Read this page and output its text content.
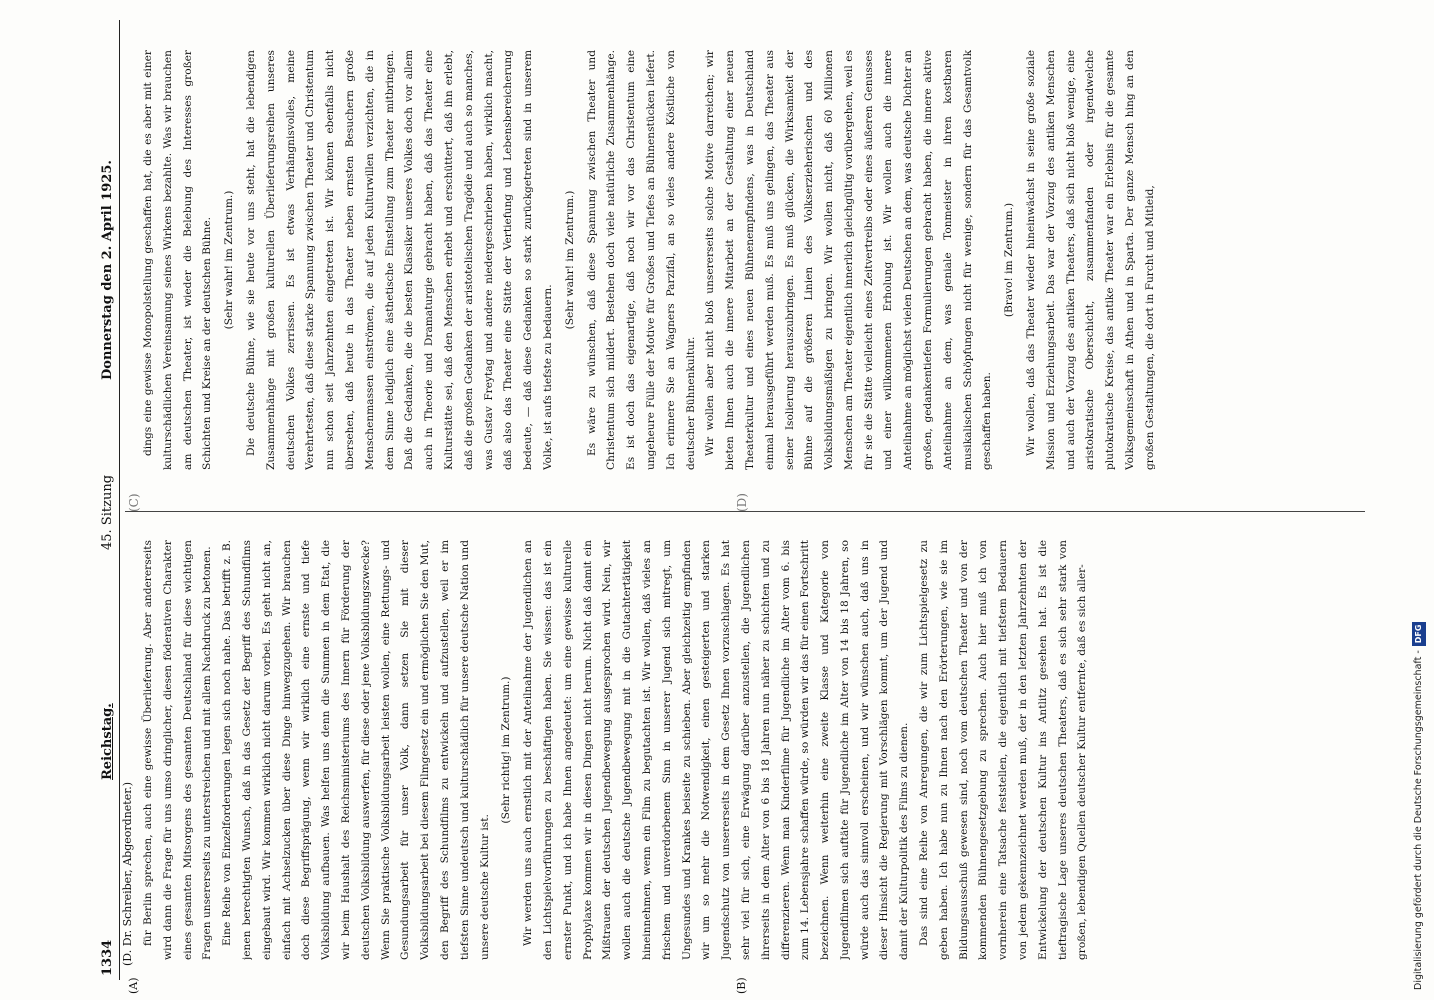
1334
Reichstag.
45. Sitzung
Donnerstag den 2. April 1925.
(D. Dr. Schreiber, Abgeordneter.)
(A)	(B)
(C)	(D)

für Berlin sprechen, auch eine gewisse Überlieferung. Aber andererseits wird dann die Frage für uns umso dringlicher, diesen föderativen Charakter eines gesamten Mitsorgens des gesamten Deutschland für diese wichtigen Fragen unsererseits zu unterstreichen und mit allem Nachdruck zu betonen. Eine Reihe von Einzelforderungen legen sich noch nahe. Das betrifft z. B. jenen berechtigten Wunsch, daß in das Gesetz der Begriff des Schundfilms eingebaut wird. Wir kommen wirklich nicht darum vorbei. Es geht nicht an, einfach mit Achselzucken über diese Dinge hinwegzugehen. Wir brauchen doch diese Begriffsprägung, wenn wir wirklich eine ernste und tiefe Volksbildung aufbauen. Was helfen uns denn die Summen in dem Etat, die wir beim Haushalt des Reichsministeriums des Innern für Förderung der deutschen Volksbildung auswerfen, für diese oder jene Volksbildungszwecke? Wenn Sie praktische Volksbildungsarbeit leisten wollen, eine Rettungs- und Gesundungsarbeit für unser Volk, dann setzen Sie mit dieser Volksbildungsarbeit bei diesem Filmgesetz ein und ermöglichen Sie den Mut, den Begriff des Schundfilms zu entwickeln und aufzustellen, weil er im tiefsten Sinne undeutsch und kulturschädlich für unsere deutsche Nation und unsere deutsche Kultur ist.

(Sehr richtig! im Zentrum.) Wir werden uns auch ernstlich mit der Anteilnahme der Jugendlichen an den Lichtspielvorführungen zu beschäftigen haben. Sie wissen: das ist ein ernster Punkt, und ich habe Ihnen angedeutet: um eine gewisse kulturelle Prophylaxe kommen wir in diesen Dingen nicht herum. Nicht daß damit ein Mißtrauen der deutschen Jugendbewegung ausgesprochen wird. Nein, wir wollen auch die deutsche Jugendbewegung mit in die Gutachtertätigkeit hineinnehmen, wenn ein Film zu begutachten ist. Wir wollen, daß vieles an frischem und unverdorbenem Sinn in unserer Jugend sich mitregt, um Ungesundes und Krankes beiseite zu schieben. Aber gleichzeitig empfinden wir um so mehr die Notwendigkeit, einen gesteigerten und starken Jugendschutz von unsererseits in dem Gesetz Ihnen vorzuschlagen. Es hat sehr viel für sich, eine Erwägung darüber anzustellen, die Jugendlichen ihrerseits in dem Alter von 6 bis 18 Jahren nun näher zu schichten und zu differenzieren. Wenn man Kinderfilme für Jugendliche im Alter vom 6. bis zum 14. Lebensjahre schaffen würde, so würden wir das für einen Fortschritt bezeichnen. Wenn weiterhin eine zweite Klasse und Kategorie von Jugendfilmen sich auftäte für Jugendliche im Alter von 14 bis 18 Jahren, so würde auch das sinnvoll erscheinen, und wir wünschen auch, daß uns in dieser Hinsicht die Regierung mit Vorschlägen kommt, um der Jugend und damit der Kulturpolitik des Films zu dienen. Das sind eine Reihe von Anregungen, die wir zum Lichtspielgesetz zu geben haben. Ich habe nun zu Ihnen nach den Erörterungen, wie sie im Bildungsausschuß gewesen sind, noch vom deutschen Theater und von der kommenden Bühnengesetzgebung zu sprechen. Auch hier muß ich von vornherein eine Tatsache feststellen, die eigentlich mit tiefstem Bedauern von jedem gekennzeichnet werden muß, der in den letzten Jahrzehnten der Entwickelung der deutschen Kultur ins Antlitz gesehen hat. Es ist die tieftragische Lage unseres deutschen Theaters, daß es sich sehr stark von großen, lebendigen Quellen deutscher Kultur entfernte, daß es sich aller-

dings eine gewisse Monopolstellung geschaffen hat, die es aber mit einer kulturschädlichen Vereinsamung seines Wirkens bezahlte. Was wir brauchen am deutschen Theater, ist wieder die Belebung des Interesses großer Schichten und Kreise an der deutschen Bühne. (Sehr wahr! im Zentrum.) Die deutsche Bühne, wie sie heute vor uns steht, hat die lebendigen Zusammenhänge mit großen kulturellen Überlieferungsreihen unseres deutschen Volkes zerrissen. Es ist etwas Verhängnisvolles, meine Verehrtesten, daß diese starke Spannung zwischen Theater und Christentum nun schon seit Jahrzehnten eingetreten ist. Wir können ebenfalls nicht übersehen, daß heute in das Theater neben ernsten Besuchern große Menschenmassen einströmen, die auf jeden Kulturwillen verzichten, die in dem Sinne lediglich eine ästhetische Einstellung zum Theater mitbringen. Daß die Gedanken, die die besten Klassiker unseres Volkes doch vor allem auch in Theorie und Dramaturgie gebracht haben, daß das Theater eine Kulturstätte sei, daß den Menschen erhebt und erschüttert, daß ihn erlebt, daß die großen Gedanken der aristotelischen Tragödie und auch so manches, was Gustav Freytag und andere niedergeschrieben haben, wirklich macht, daß also das Theater eine Stätte der Vertiefung und Lebensbereicherung bedeute, — daß diese Gedanken so stark zurückgetreten sind in unserem Volke, ist aufs tiefste zu bedauern.

(Sehr wahr! im Zentrum.) Es wäre zu wünschen, daß diese Spannung zwischen Theater und Christentum sich mildert. Bestehen doch viele natürliche Zusammenhänge. Es ist doch das eigenartige, daß noch wir vor das Christentum eine ungeheure Fülle der Motive für Großes und Tiefes an Bühnenstücken liefert. Ich erinnere Sie an Wagners Parzifal, an so vieles andere Köstliche von deutscher Bühnenkultur. Wir wollen aber nicht bloß unsererseits solche Motive darreichen; wir bieten Ihnen auch die innere Mitarbeit an der Gestaltung einer neuen Theaterkultur und eines neuen Bühnenempfindens, was in Deutschland einmal herausgeführt werden muß. Es muß uns gelingen, das Theater aus seiner Isolierung herauszubringen. Es muß glücken, die Wirksamkeit der Bühne auf die größeren Linien des Volkserzieherischen und des Volksbildungsmäßigen zu bringen. Wir wollen nicht, daß 60 Millionen Menschen am Theater eigentlich innerlich gleichgültig vorübergehen, weil es für sie die Stätte vielleicht eines Zeitvertreibs oder eines äußeren Genusses und einer willkommenen Erholung ist. Wir wollen auch die innere Anteilnahme an möglichst vielen Deutschen an dem, was deutsche Dichter an großen, gedankentiefen Formulierungen gebracht haben, die innere aktive Anteilnahme an dem, was geniale Tonmeister in ihren kostbaren musikalischen Schöpfungen nicht für wenige, sondern für das Gesamtvolk geschaffen haben.

(Bravo! im Zentrum.) Wir wollen, daß das Theater wieder hineinwächst in seine große soziale Mission und Erziehungsarbeit. Das war der Vorzug des antiken Menschen und auch der Vorzug des antiken Theaters, daß sich nicht bloß wenige, eine aristokratische Oberschicht, zusammenfanden oder irgendwelche plutokratische Kreise, das antike Theater war ein Erlebnis für die gesamte Volksgemeinschaft in Athen und in Sparta. Der ganze Mensch hing an den großen Gestaltungen, die dort in Furcht und Mitleid,

Digitalisierung gefördert durch die Deutsche Forschungsgemeinschaft -DFG
